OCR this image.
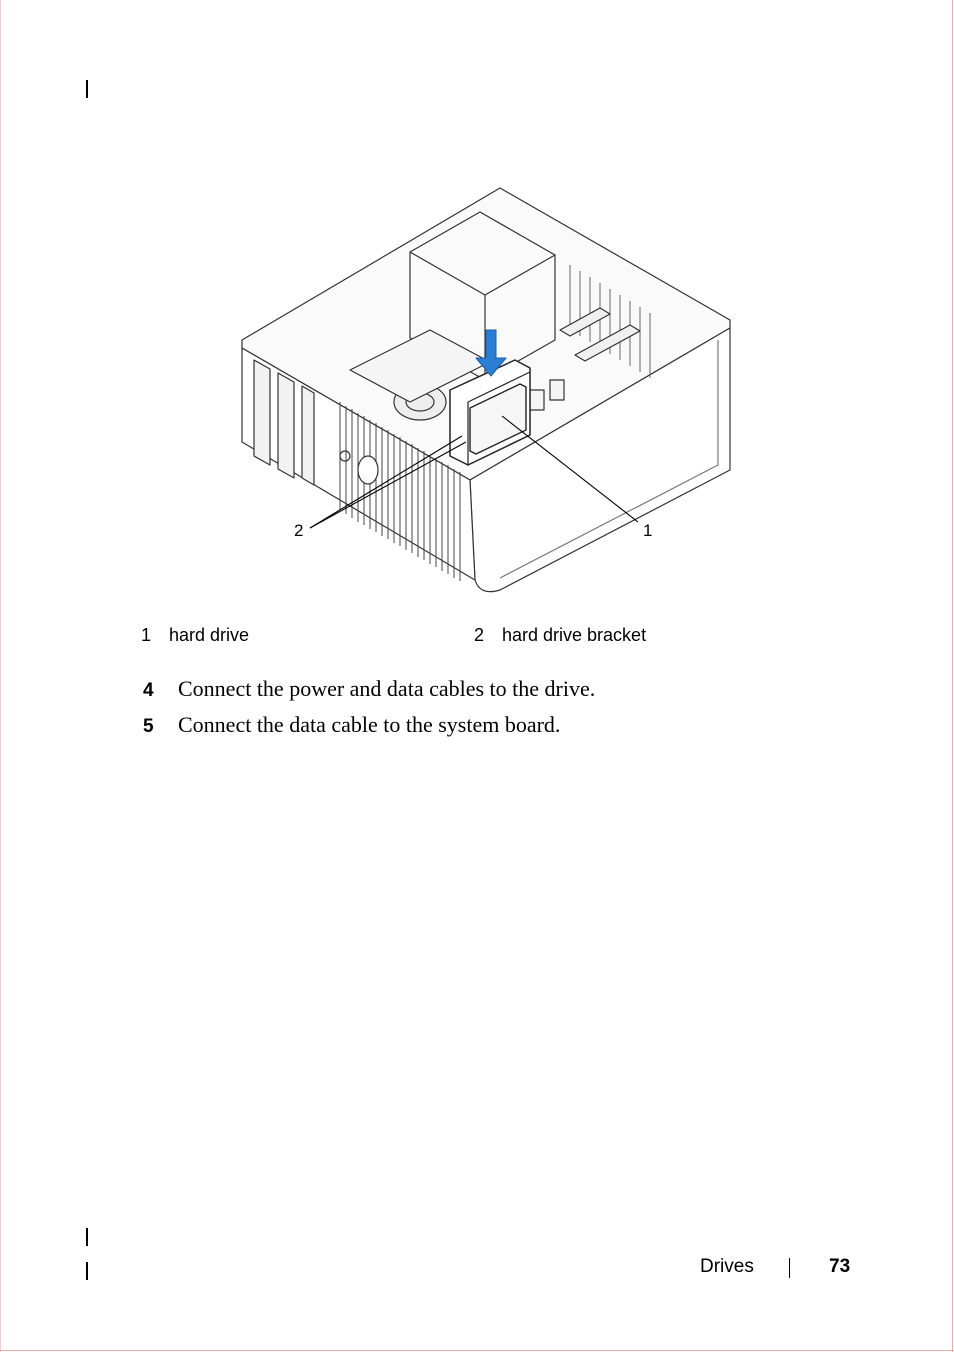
2	1
1 hard drive	2 hard drive bracket
4 Connect the power and data cables to the drive.
5 Connect the data cable to the system board.
Drives	73
